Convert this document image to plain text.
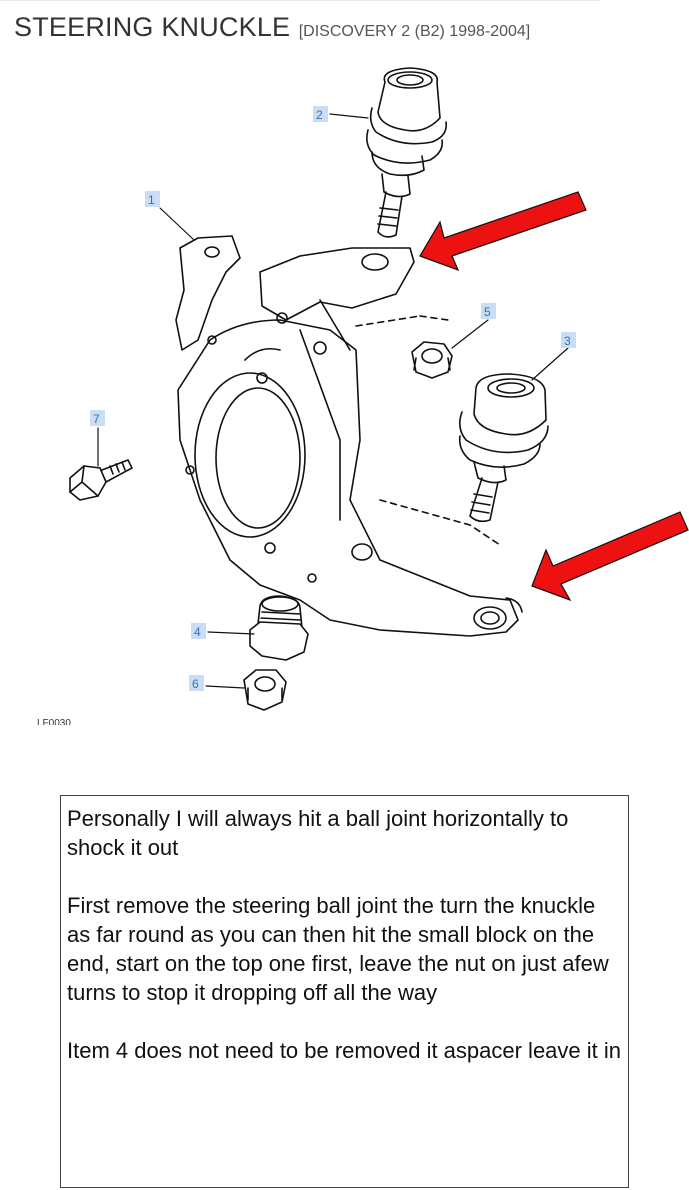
STEERING KNUCKLE [DISCOVERY 2 (B2) 1998-2004]
2
1
5
3
7
4
6
LF0030

Personally I will always hit a ball joint horizontally to shock it out

First remove the steering ball joint the turn the knuckle as far round as you can then hit the small block on the end, start on the top one first, leave the nut on just afew turns to stop it dropping off all the way

Item 4 does not need to be removed it aspacer leave it in
